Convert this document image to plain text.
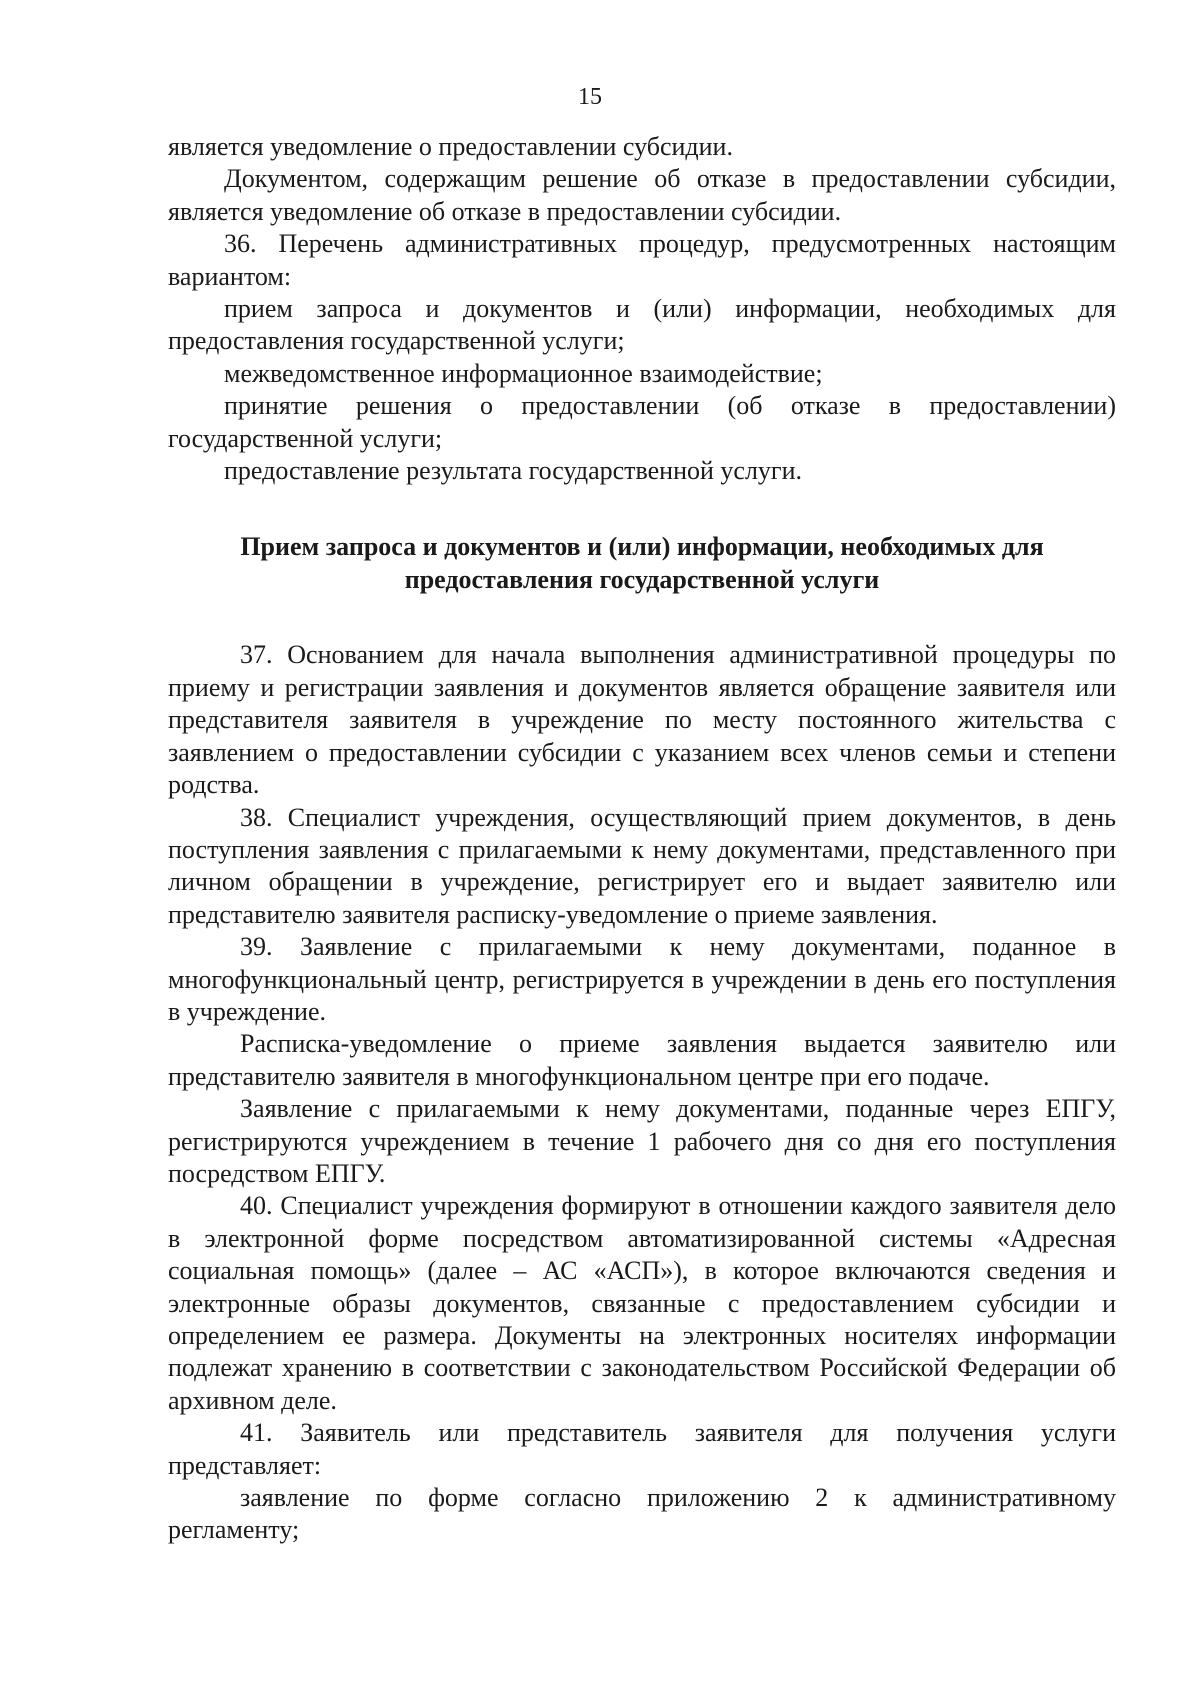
15

является уведомление о предоставлении субсидии.

Документом, содержащим решение об отказе в предоставлении субсидии, является уведомление об отказе в предоставлении субсидии.

36. Перечень административных процедур, предусмотренных настоящим вариантом:

прием запроса и документов и (или) информации, необходимых для предоставления государственной услуги;

межведомственное информационное взаимодействие;

принятие решения о предоставлении (об отказе в предоставлении) государственной услуги;

предоставление результата государственной услуги.

Прием запроса и документов и (или) информации, необходимых для предоставления государственной услуги

37. Основанием для начала выполнения административной процедуры по приему и регистрации заявления и документов является обращение заявителя или представителя заявителя в учреждение по месту постоянного жительства с заявлением о предоставлении субсидии с указанием всех членов семьи и степени родства.

38. Специалист учреждения, осуществляющий прием документов, в день поступления заявления с прилагаемыми к нему документами, представленного при личном обращении в учреждение, регистрирует его и выдает заявителю или представителю заявителя расписку-уведомление о приеме заявления.

39. Заявление с прилагаемыми к нему документами, поданное в многофункциональный центр, регистрируется в учреждении в день его поступления в учреждение.

Расписка-уведомление о приеме заявления выдается заявителю или представителю заявителя в многофункциональном центре при его подаче.

Заявление с прилагаемыми к нему документами, поданные через ЕПГУ, регистрируются учреждением в течение 1 рабочего дня со дня его поступления посредством ЕПГУ.

40. Специалист учреждения формируют в отношении каждого заявителя дело в электронной форме посредством автоматизированной системы «Адресная социальная помощь» (далее – АС «АСП»), в которое включаются сведения и электронные образы документов, связанные с предоставлением субсидии и определением ее размера. Документы на электронных носителях информации подлежат хранению в соответствии с законодательством Российской Федерации об архивном деле.

41. Заявитель или представитель заявителя для получения услуги представляет:

заявление по форме согласно приложению 2 к административному регламенту;
